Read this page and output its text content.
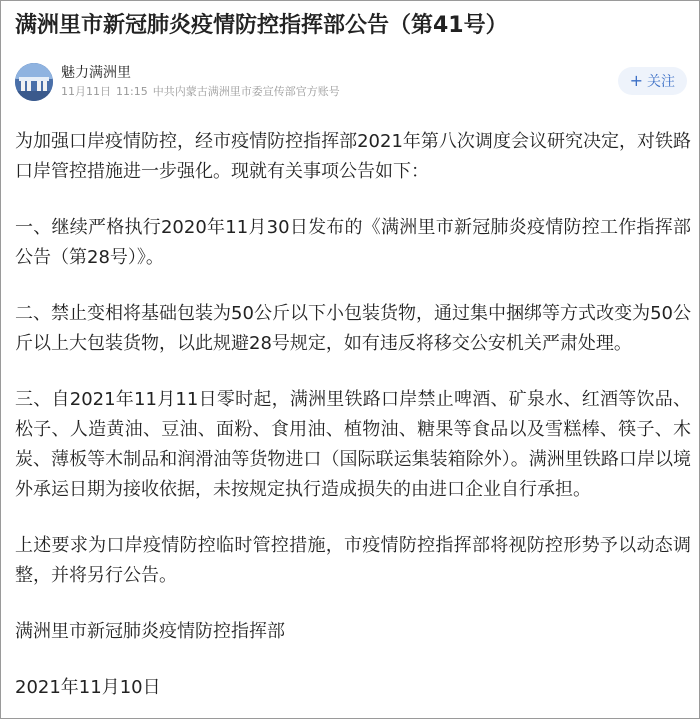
满洲里市新冠肺炎疫情防控指挥部公告（第41号）
魅力满洲里
11月11日 11:15 中共内蒙古满洲里市委宣传部官方账号
+ 关注

为加强口岸疫情防控，经市疫情防控指挥部2021年第八次调度会议研究决定，对铁路口岸管控措施进一步强化。现就有关事项公告如下：

一、继续严格执行2020年11月30日发布的《满洲里市新冠肺炎疫情防控工作指挥部公告（第28号）》。

二、禁止变相将基础包装为50公斤以下小包装货物，通过集中捆绑等方式改变为50公斤以上大包装货物，以此规避28号规定，如有违反将移交公安机关严肃处理。

三、自2021年11月11日零时起，满洲里铁路口岸禁止啤酒、矿泉水、红酒等饮品、松子、人造黄油、豆油、面粉、食用油、植物油、糖果等食品以及雪糕棒、筷子、木炭、薄板等木制品和润滑油等货物进口（国际联运集装箱除外）。满洲里铁路口岸以境外承运日期为接收依据，未按规定执行造成损失的由进口企业自行承担。

上述要求为口岸疫情防控临时管控措施，市疫情防控指挥部将视防控形势予以动态调整，并将另行公告。

满洲里市新冠肺炎疫情防控指挥部

2021年11月10日
